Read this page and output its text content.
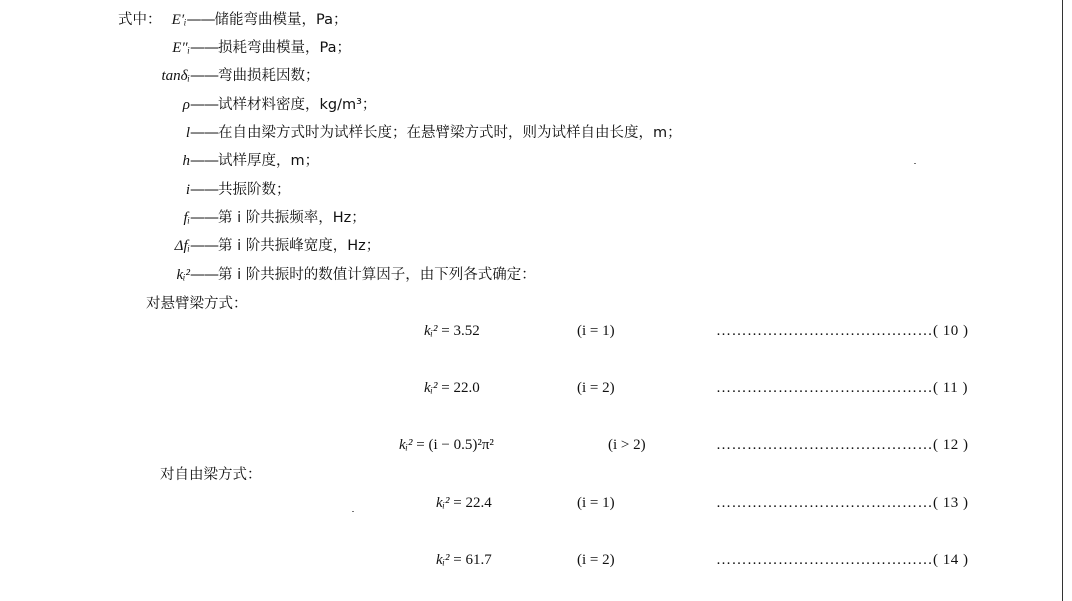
式中： E′ᵢ——储能弯曲模量，Pa；
E″ᵢ——损耗弯曲模量，Pa；
tanδᵢ——弯曲损耗因数；
ρ——试样材料密度，kg/m³；
l——在自由梁方式时为试样长度；在悬臂梁方式时，则为试样自由长度，m；
h——试样厚度，m；
i——共振阶数；
fᵢ——第 i 阶共振频率，Hz；
Δfᵢ——第 i 阶共振峰宽度，Hz；
kᵢ²——第 i 阶共振时的数值计算因子，由下列各式确定：
对悬臂梁方式：
kᵢ² = 3.52	(i = 1)	……………………………………( 10 )
kᵢ² = 22.0	(i = 2)	……………………………………( 11 )
kᵢ² = (i − 0.5)²π²	(i > 2)	……………………………………( 12 )
对自由梁方式：
kᵢ² = 22.4	(i = 1)	……………………………………( 13 )
kᵢ² = 61.7	(i = 2)	……………………………………( 14 )
